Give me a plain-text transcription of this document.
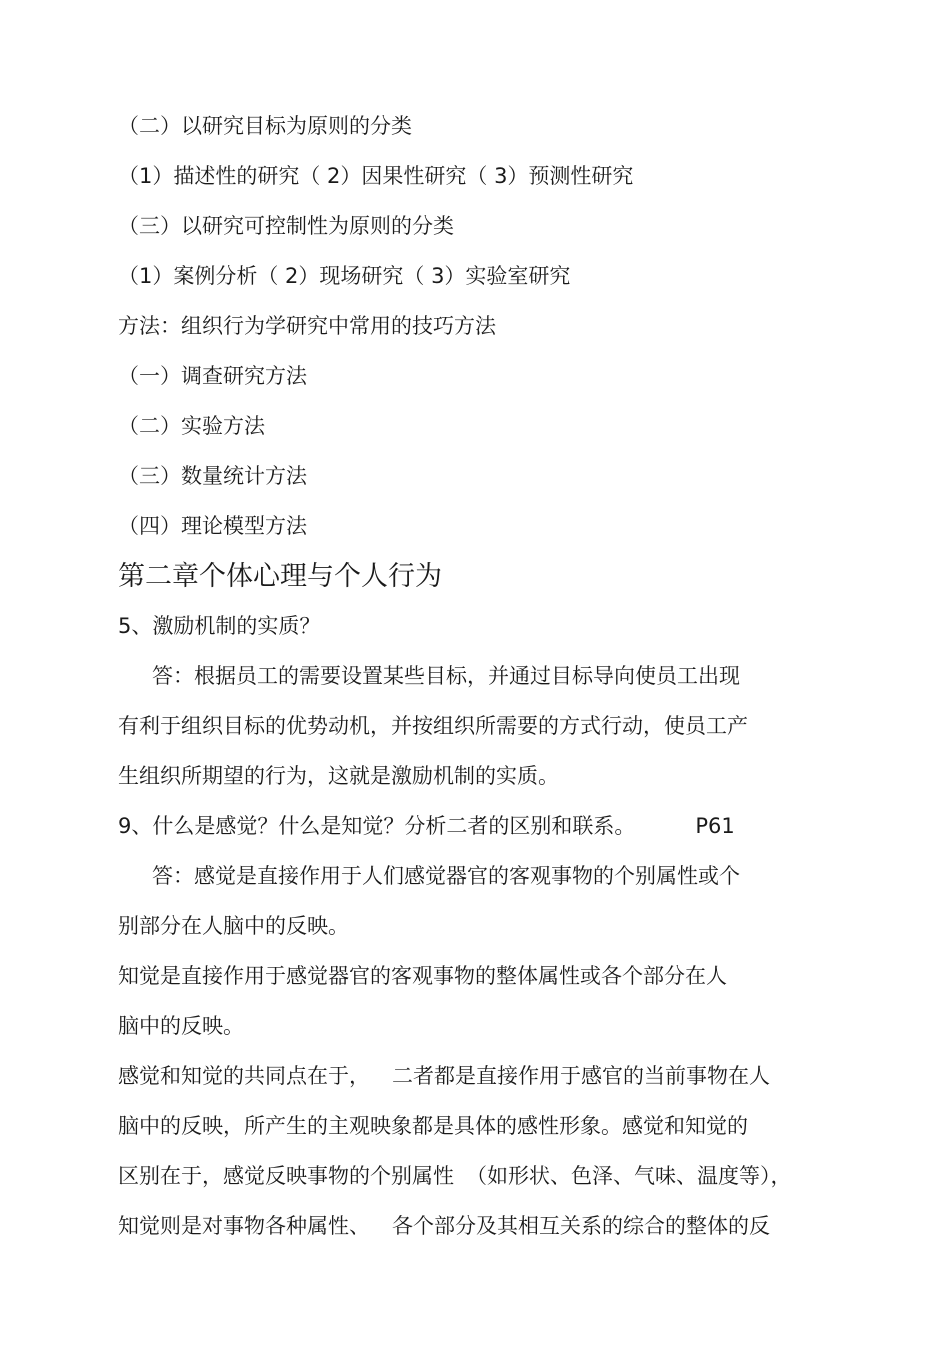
（二）以研究目标为原则的分类
（1）描述性的研究（ 2）因果性研究（ 3）预测性研究
（三）以研究可控制性为原则的分类
（1）案例分析（ 2）现场研究（ 3）实验室研究
方法：组织行为学研究中常用的技巧方法
（一）调查研究方法
（二）实验方法
（三）数量统计方法
（四）理论模型方法
第二章个体心理与个人行为
5、激励机制的实质？
答：根据员工的需要设置某些目标，并通过目标导向使员工出现
有利于组织目标的优势动机，并按组织所需要的方式行动，使员工产
生组织所期望的行为，这就是激励机制的实质。
9、什么是感觉？什么是知觉？分析二者的区别和联系。	P61
答：感觉是直接作用于人们感觉器官的客观事物的个别属性或个
别部分在人脑中的反映。
知觉是直接作用于感觉器官的客观事物的整体属性或各个部分在人
脑中的反映。
感觉和知觉的共同点在于， 二者都是直接作用于感官的当前事物在人
脑中的反映，所产生的主观映象都是具体的感性形象。感觉和知觉的
区别在于，感觉反映事物的个别属性 （如形状、色泽、气味、温度等），
知觉则是对事物各种属性、 各个部分及其相互关系的综合的整体的反
